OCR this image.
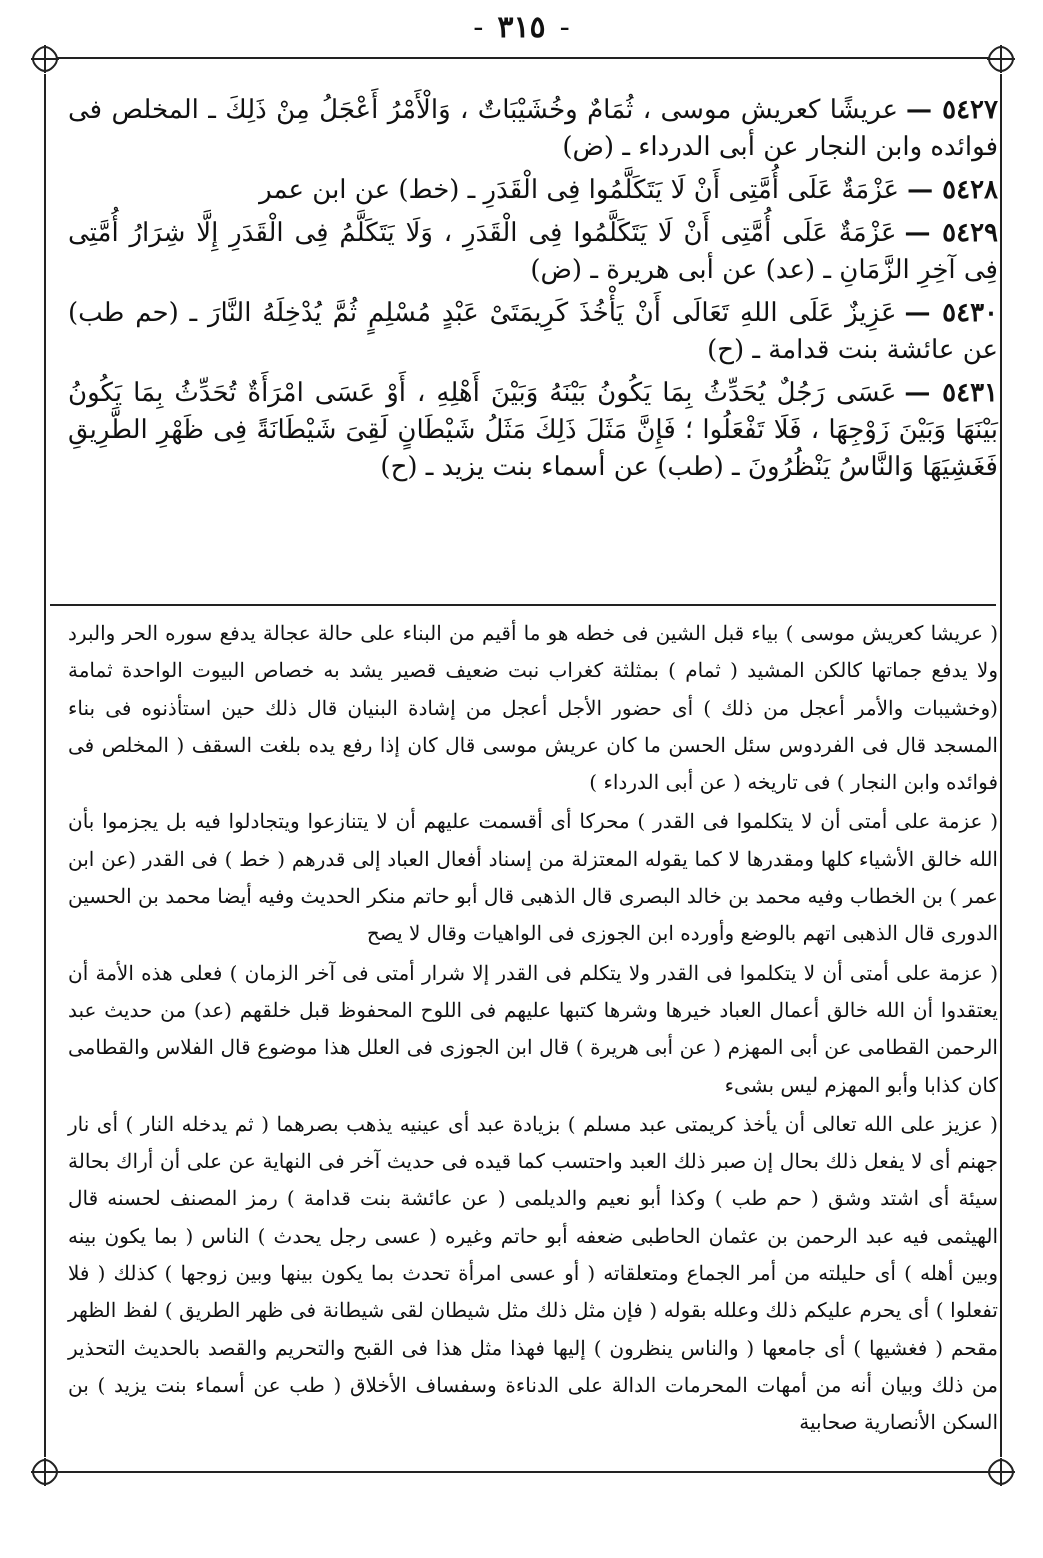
- ٣١٥ -

٥٤٢٧ —عريشًا كعريش موسى ، ثُمَامٌ وخُشَيْبَاتٌ ، وَالْأَمْرُ أَعْجَلُ مِنْ ذَلِكَ ـ المخلص فى فوائده وابن النجار عن أبى الدرداء ـ (ض)

٥٤٢٨ —عَزْمَةٌ عَلَى أُمَّتِى أَنْ لَا يَتَكَلَّمُوا فِى الْقَدَرِ ـ (خط) عن ابن عمر

٥٤٢٩ —عَزْمَةٌ عَلَى أُمَّتِى أَنْ لَا يَتَكَلَّمُوا فِى الْقَدَرِ ، وَلَا يَتَكَلَّمُ فِى الْقَدَرِ إِلَّا شِرَارُ أُمَّتِى فِى آخِرِ الزَّمَانِ ـ (عد) عن أبى هريرة ـ (ض)

٥٤٣٠ —عَزِيزٌ عَلَى اللهِ تَعَالَى أَنْ يَأْخُذَ كَرِيمَتَىْ عَبْدٍ مُسْلِمٍ ثُمَّ يُدْخِلَهُ النَّارَ ـ (حم طب) عن عائشة بنت قدامة ـ (ح)

٥٤٣١ —عَسَى رَجُلٌ يُحَدِّثُ بِمَا يَكُونُ بَيْنَهُ وَبَيْنَ أَهْلِهِ ، أَوْ عَسَى امْرَأَةٌ تُحَدِّثُ بِمَا يَكُونُ بَيْنَهَا وَبَيْنَ زَوْجِهَا ، فَلَا تَفْعَلُوا ؛ فَإِنَّ مَثَلَ ذَلِكَ مَثَلُ شَيْطَانٍ لَقِىَ شَيْطَانَةً فِى ظَهْرِ الطَّرِيقِ فَغَشِيَهَا وَالنَّاسُ يَنْظُرُونَ ـ (طب) عن أسماء بنت يزيد ـ (ح)

( عريشا كعريش موسى ) بياء قبل الشين فى خطه هو ما أقيم من البناء على حالة عجالة يدفع سوره الحر والبرد ولا يدفع جماتها كالكن المشيد ( ثمام ) بمثلثة كغراب نبت ضعيف قصير يشد به خصاص البيوت الواحدة ثمامة (وخشيبات والأمر أعجل من ذلك ) أى حضور الأجل أعجل من إشادة البنيان قال ذلك حين استأذنوه فى بناء المسجد قال فى الفردوس سئل الحسن ما كان عريش موسى قال كان إذا رفع يده بلغت السقف ( المخلص فى فوائده وابن النجار ) فى تاريخه ( عن أبى الدرداء )

( عزمة على أمتى أن لا يتكلموا فى القدر ) محركا أى أقسمت عليهم أن لا يتنازعوا ويتجادلوا فيه بل يجزموا بأن الله خالق الأشياء كلها ومقدرها لا كما يقوله المعتزلة من إسناد أفعال العباد إلى قدرهم ( خط ) فى القدر (عن ابن عمر ) بن الخطاب وفيه محمد بن خالد البصرى قال الذهبى قال أبو حاتم منكر الحديث وفيه أيضا محمد بن الحسين الدورى قال الذهبى اتهم بالوضع وأورده ابن الجوزى فى الواهيات وقال لا يصح

( عزمة على أمتى أن لا يتكلموا فى القدر ولا يتكلم فى القدر إلا شرار أمتى فى آخر الزمان ) فعلى هذه الأمة أن يعتقدوا أن الله خالق أعمال العباد خيرها وشرها كتبها عليهم فى اللوح المحفوظ قبل خلقهم (عد) من حديث عبد الرحمن القطامى عن أبى المهزم ( عن أبى هريرة ) قال ابن الجوزى فى العلل هذا موضوع قال الفلاس والقطامى كان كذابا وأبو المهزم ليس بشىء

( عزيز على الله تعالى أن يأخذ كريمتى عبد مسلم ) بزيادة عبد أى عينيه يذهب بصرهما ( ثم يدخله النار ) أى نار جهنم أى لا يفعل ذلك بحال إن صبر ذلك العبد واحتسب كما قيده فى حديث آخر فى النهاية عن على أن أراك بحالة سيئة أى اشتد وشق ( حم طب ) وكذا أبو نعيم والديلمى ( عن عائشة بنت قدامة ) رمز المصنف لحسنه قال الهيثمى فيه عبد الرحمن بن عثمان الحاطبى ضعفه أبو حاتم وغيره ( عسى رجل يحدث ) الناس ( بما يكون بينه وبين أهله ) أى حليلته من أمر الجماع ومتعلقاته ( أو عسى امرأة تحدث بما يكون بينها وبين زوجها ) كذلك ( فلا تفعلوا ) أى يحرم عليكم ذلك وعلله بقوله ( فإن مثل ذلك مثل شيطان لقى شيطانة فى ظهر الطريق ) لفظ الظهر مقحم ( فغشيها ) أى جامعها ( والناس ينظرون ) إليها فهذا مثل هذا فى القبح والتحريم والقصد بالحديث التحذير من ذلك وبيان أنه من أمهات المحرمات الدالة على الدناءة وسفساف الأخلاق ( طب عن أسماء بنت يزيد ) بن السكن الأنصارية صحابية
